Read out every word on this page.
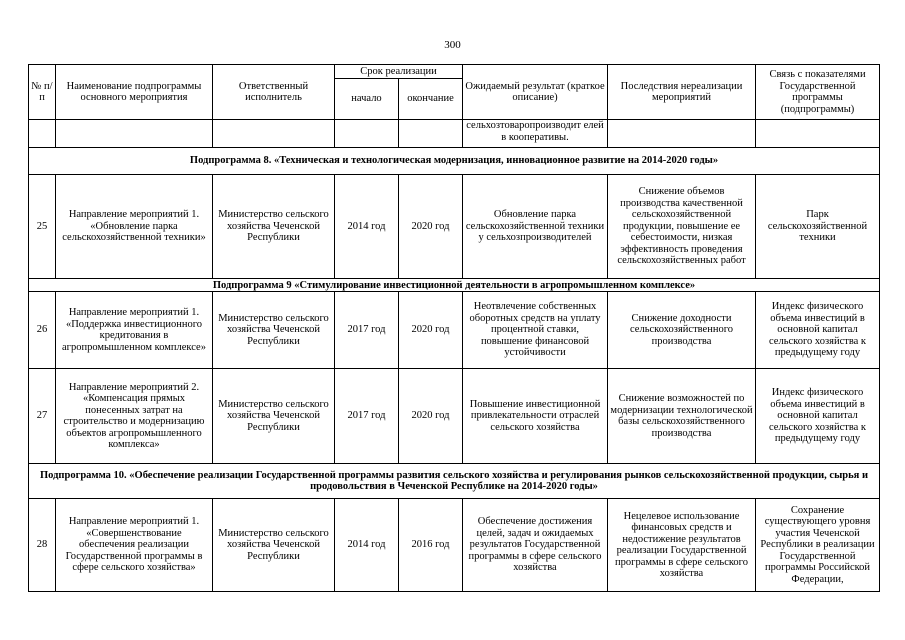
300
№ п/п	Наименование подпрограммы основного мероприятия	Ответственный исполнитель	Срок реализации		Ожидаемый результат (краткое описание)	Последствия нереализации мероприятий	Связь с показателями Государственной программы (подпрограммы)
			начало	окончание			
					сельхозтоваропроизводит елей в кооперативы.		
Подпрограмма 8. «Техническая и технологическая модернизация, инновационное развитие на 2014-2020 годы»							
25	Направление мероприятий 1. «Обновление парка сельскохозяйственной техники»	Министерство сельского хозяйства Чеченской Республики	2014 год	2020 год	Обновление парка сельскохозяйственной техники у сельхозпроизводителей	Снижение объемов производства качественной сельскохозяйственной продукции, повышение ее себестоимости, низкая эффективность проведения сельскохозяйственных работ	Парк сельскохозяйственной техники
Подпрограмма 9 «Стимулирование инвестиционной деятельности в агропромышленном комплексе»							
26	Направление мероприятий 1. «Поддержка инвестиционного кредитования в агропромышленном комплексе»	Министерство сельского хозяйства Чеченской Республики	2017 год	2020 год	Неотвлечение собственных оборотных средств на уплату процентной ставки, повышение финансовой устойчивости	Снижение доходности сельскохозяйственного производства	Индекс физического объема инвестиций в основной капитал сельского хозяйства к предыдущему году
27	Направление мероприятий 2. «Компенсация прямых понесенных затрат на строительство и модернизацию объектов агропромышленного комплекса»	Министерство сельского хозяйства Чеченской Республики	2017 год	2020 год	Повышение инвестиционной привлекательности отраслей сельского хозяйства	Снижение возможностей по модернизации технологической базы сельскохозяйственного производства	Индекс физического объема инвестиций в основной капитал сельского хозяйства к предыдущему году
Подпрограмма 10. «Обеспечение реализации Государственной программы развития сельского хозяйства и регулирования рынков сельскохозяйственной продукции, сырья и продовольствия в Чеченской Республике на 2014-2020 годы»							
28	Направление мероприятий 1. «Совершенствование обеспечения реализации Государственной программы в сфере сельского хозяйства»	Министерство сельского хозяйства Чеченской Республики	2014 год	2016 год	Обеспечение достижения целей, задач и ожидаемых результатов Государственной программы в сфере сельского хозяйства	Нецелевое использование финансовых средств и недостижение результатов реализации Государственной программы в сфере сельского хозяйства	Сохранение существующего уровня участия Чеченской Республики в реализации Государственной программы Российской Федерации,
